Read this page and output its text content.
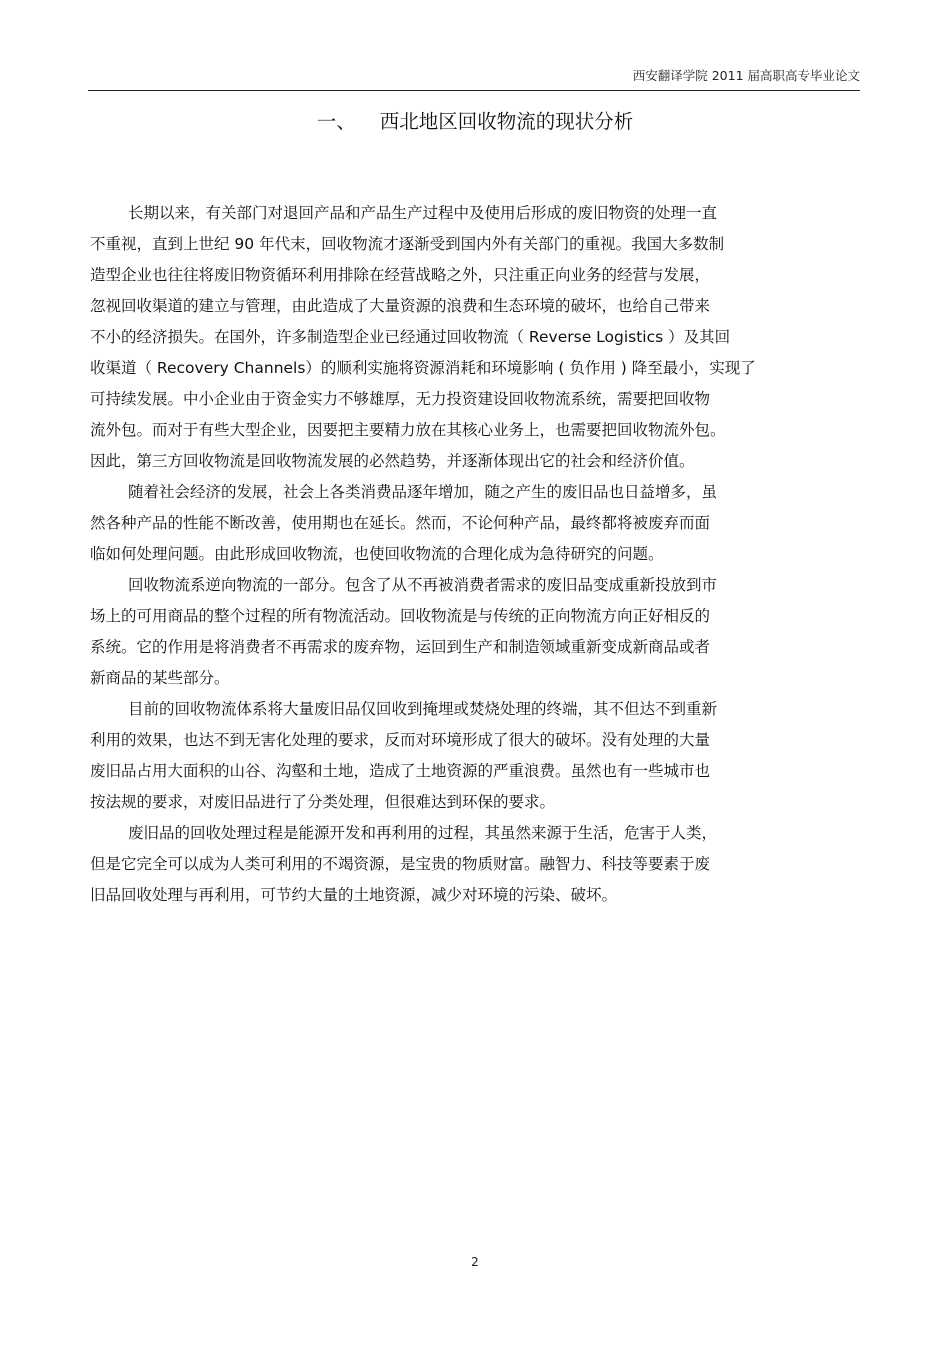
西安翻译学院 2011 届高职高专毕业论文
一、 西北地区回收物流的现状分析
长期以来，有关部门对退回产品和产品生产过程中及使用后形成的废旧物资的处理一直
不重视，直到上世纪 90 年代末，回收物流才逐渐受到国内外有关部门的重视。我国大多数制
造型企业也往往将废旧物资循环利用排除在经营战略之外，只注重正向业务的经营与发展，
忽视回收渠道的建立与管理，由此造成了大量资源的浪费和生态环境的破坏，也给自己带来
不小的经济损失。在国外，许多制造型企业已经通过回收物流（ Reverse Logistics ）及其回
收渠道（ Recovery Channels）的顺利实施将资源消耗和环境影响 ( 负作用 ) 降至最小，实现了
可持续发展。中小企业由于资金实力不够雄厚，无力投资建设回收物流系统，需要把回收物
流外包。而对于有些大型企业，因要把主要精力放在其核心业务上，也需要把回收物流外包。
因此，第三方回收物流是回收物流发展的必然趋势，并逐渐体现出它的社会和经济价值。
随着社会经济的发展，社会上各类消费品逐年增加，随之产生的废旧品也日益增多，虽
然各种产品的性能不断改善，使用期也在延长。然而，不论何种产品，最终都将被废弃而面
临如何处理问题。由此形成回收物流，也使回收物流的合理化成为急待研究的问题。
回收物流系逆向物流的一部分。包含了从不再被消费者需求的废旧品变成重新投放到市
场上的可用商品的整个过程的所有物流活动。回收物流是与传统的正向物流方向正好相反的
系统。它的作用是将消费者不再需求的废弃物，运回到生产和制造领域重新变成新商品或者
新商品的某些部分。
目前的回收物流体系将大量废旧品仅回收到掩埋或焚烧处理的终端，其不但达不到重新
利用的效果，也达不到无害化处理的要求，反而对环境形成了很大的破坏。没有处理的大量
废旧品占用大面积的山谷、沟壑和土地，造成了土地资源的严重浪费。虽然也有一些城市也
按法规的要求，对废旧品进行了分类处理，但很难达到环保的要求。
废旧品的回收处理过程是能源开发和再利用的过程，其虽然来源于生活，危害于人类，
但是它完全可以成为人类可利用的不竭资源，是宝贵的物质财富。融智力、科技等要素于废
旧品回收处理与再利用，可节约大量的土地资源，减少对环境的污染、破坏。
2
